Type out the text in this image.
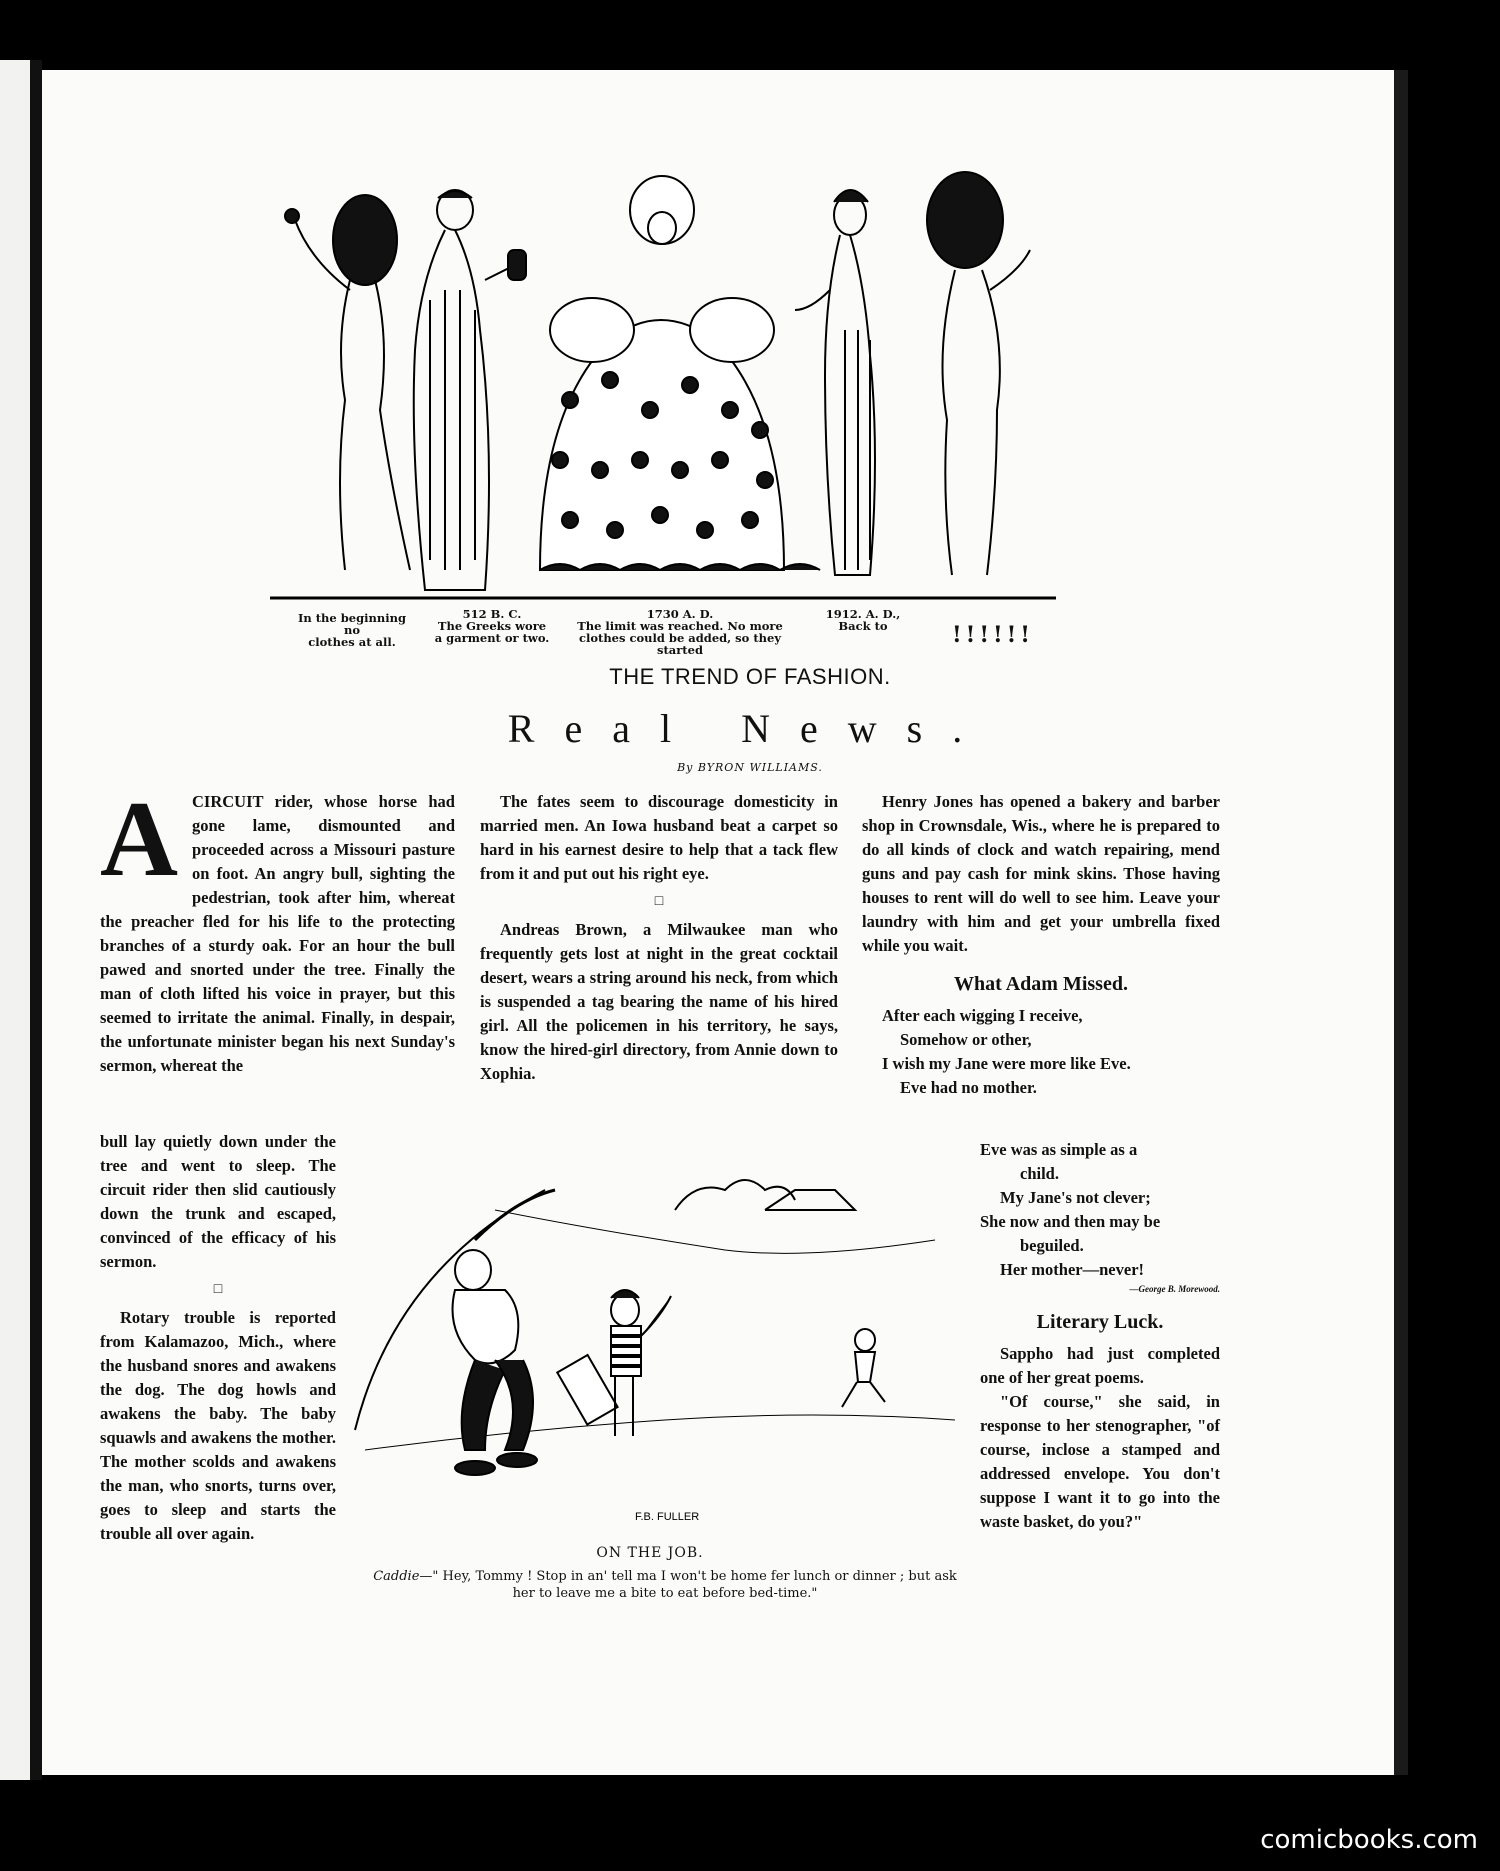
In the beginning no
clothes at all.
512 B. C.
The Greeks wore
a garment or two.
1730 A. D.
The limit was reached. No more
clothes could be added, so they
started
1912. A. D.,
Back to	!!!!!!
THE TREND OF FASHION.
Real News.
By BYRON WILLIAMS.
A CIRCUIT rider, whose horse had gone lame, dismounted and proceeded across a Missouri pasture on foot. An angry bull, sighting the pedestrian, took after him, whereat the preacher fled for his life to the protecting branches of a sturdy oak. For an hour the bull pawed and snorted under the tree. Finally the man of cloth lifted his voice in prayer, but this seemed to irritate the animal. Finally, in despair, the unfortunate minister began his next Sunday's sermon, whereat the

bull lay quietly down under the tree and went to sleep. The circuit rider then slid cautiously down the trunk and escaped, convinced of the efficacy of his sermon.

□

Rotary trouble is reported from Kalamazoo, Mich., where the husband snores and awakens the dog. The dog howls and awakens the baby. The baby squawls and awakens the mother. The mother scolds and awakens the man, who snorts, turns over, goes to sleep and starts the trouble all over again.

The fates seem to discourage domesticity in married men. An Iowa husband beat a carpet so hard in his earnest desire to help that a tack flew from it and put out his right eye.

□

Andreas Brown, a Milwaukee man who frequently gets lost at night in the great cocktail desert, wears a string around his neck, from which is suspended a tag bearing the name of his hired girl. All the policemen in his territory, he says, know the hired-girl directory, from Annie down to Xophia.

Henry Jones has opened a bakery and barber shop in Crownsdale, Wis., where he is prepared to do all kinds of clock and watch repairing, mend guns and pay cash for mink skins. Those having houses to rent will do well to see him. Leave your laundry with him and get your umbrella fixed while you wait.

What Adam Missed.
After each wigging I receive,
Somehow or other,
I wish my Jane were more like Eve.
Eve had no mother.
Eve was as simple as a
child.
My Jane's not clever;
She now and then may be
beguiled.
Her mother—never!
—George B. Morewood.
Literary Luck.

Sappho had just completed one of her great poems.

"Of course," she said, in response to her stenographer, "of course, inclose a stamped and addressed envelope. You don't suppose I want it to go into the waste basket, do you?"

F.B. FULLER
ON THE JOB.
Caddie—" Hey, Tommy ! Stop in an' tell ma I won't be home fer lunch or dinner ; but ask her to leave me a bite to eat before bed-time."
comicbooks.com
